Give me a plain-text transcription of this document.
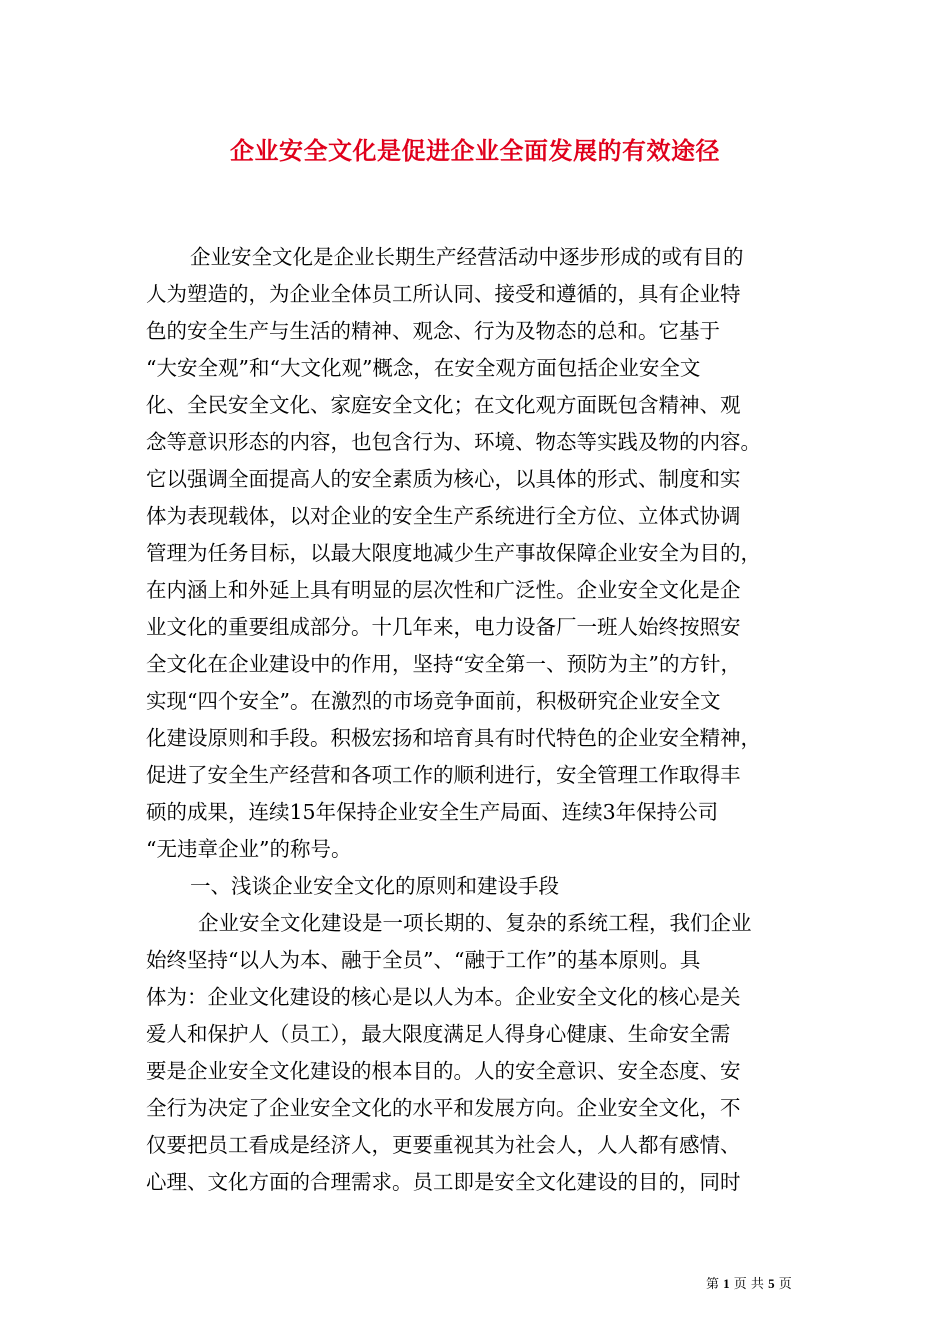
企业安全文化是促进企业全面发展的有效途径

企业安全文化是企业长期生产经营活动中逐步形成的或有目的

人为塑造的，为企业全体员工所认同、接受和遵循的，具有企业特

色的安全生产与生活的精神、观念、行为及物态的总和。它基于

“大安全观”和“大文化观”概念，在安全观方面包括企业安全文

化、全民安全文化、家庭安全文化；在文化观方面既包含精神、观

念等意识形态的内容，也包含行为、环境、物态等实践及物的内容。

它以强调全面提高人的安全素质为核心，以具体的形式、制度和实

体为表现载体，以对企业的安全生产系统进行全方位、立体式协调

管理为任务目标，以最大限度地减少生产事故保障企业安全为目的，

在内涵上和外延上具有明显的层次性和广泛性。企业安全文化是企

业文化的重要组成部分。十几年来，电力设备厂一班人始终按照安

全文化在企业建设中的作用，坚持“安全第一、预防为主”的方针，

实现“四个安全”。在激烈的市场竞争面前，积极研究企业安全文

化建设原则和手段。积极宏扬和培育具有时代特色的企业安全精神，

促进了安全生产经营和各项工作的顺利进行，安全管理工作取得丰

硕的成果，连续15年保持企业安全生产局面、连续3年保持公司

“无违章企业”的称号。

一、浅谈企业安全文化的原则和建设手段

企业安全文化建设是一项长期的、复杂的系统工程，我们企业

始终坚持“以人为本、融于全员”、“融于工作”的基本原则。具

体为：企业文化建设的核心是以人为本。企业安全文化的核心是关

爱人和保护人（员工），最大限度满足人得身心健康、生命安全需

要是企业安全文化建设的根本目的。人的安全意识、安全态度、安

全行为决定了企业安全文化的水平和发展方向。企业安全文化，不

仅要把员工看成是经济人，更要重视其为社会人，人人都有感情、

心理、文化方面的合理需求。员工即是安全文化建设的目的，同时

第 1 页 共 5 页
